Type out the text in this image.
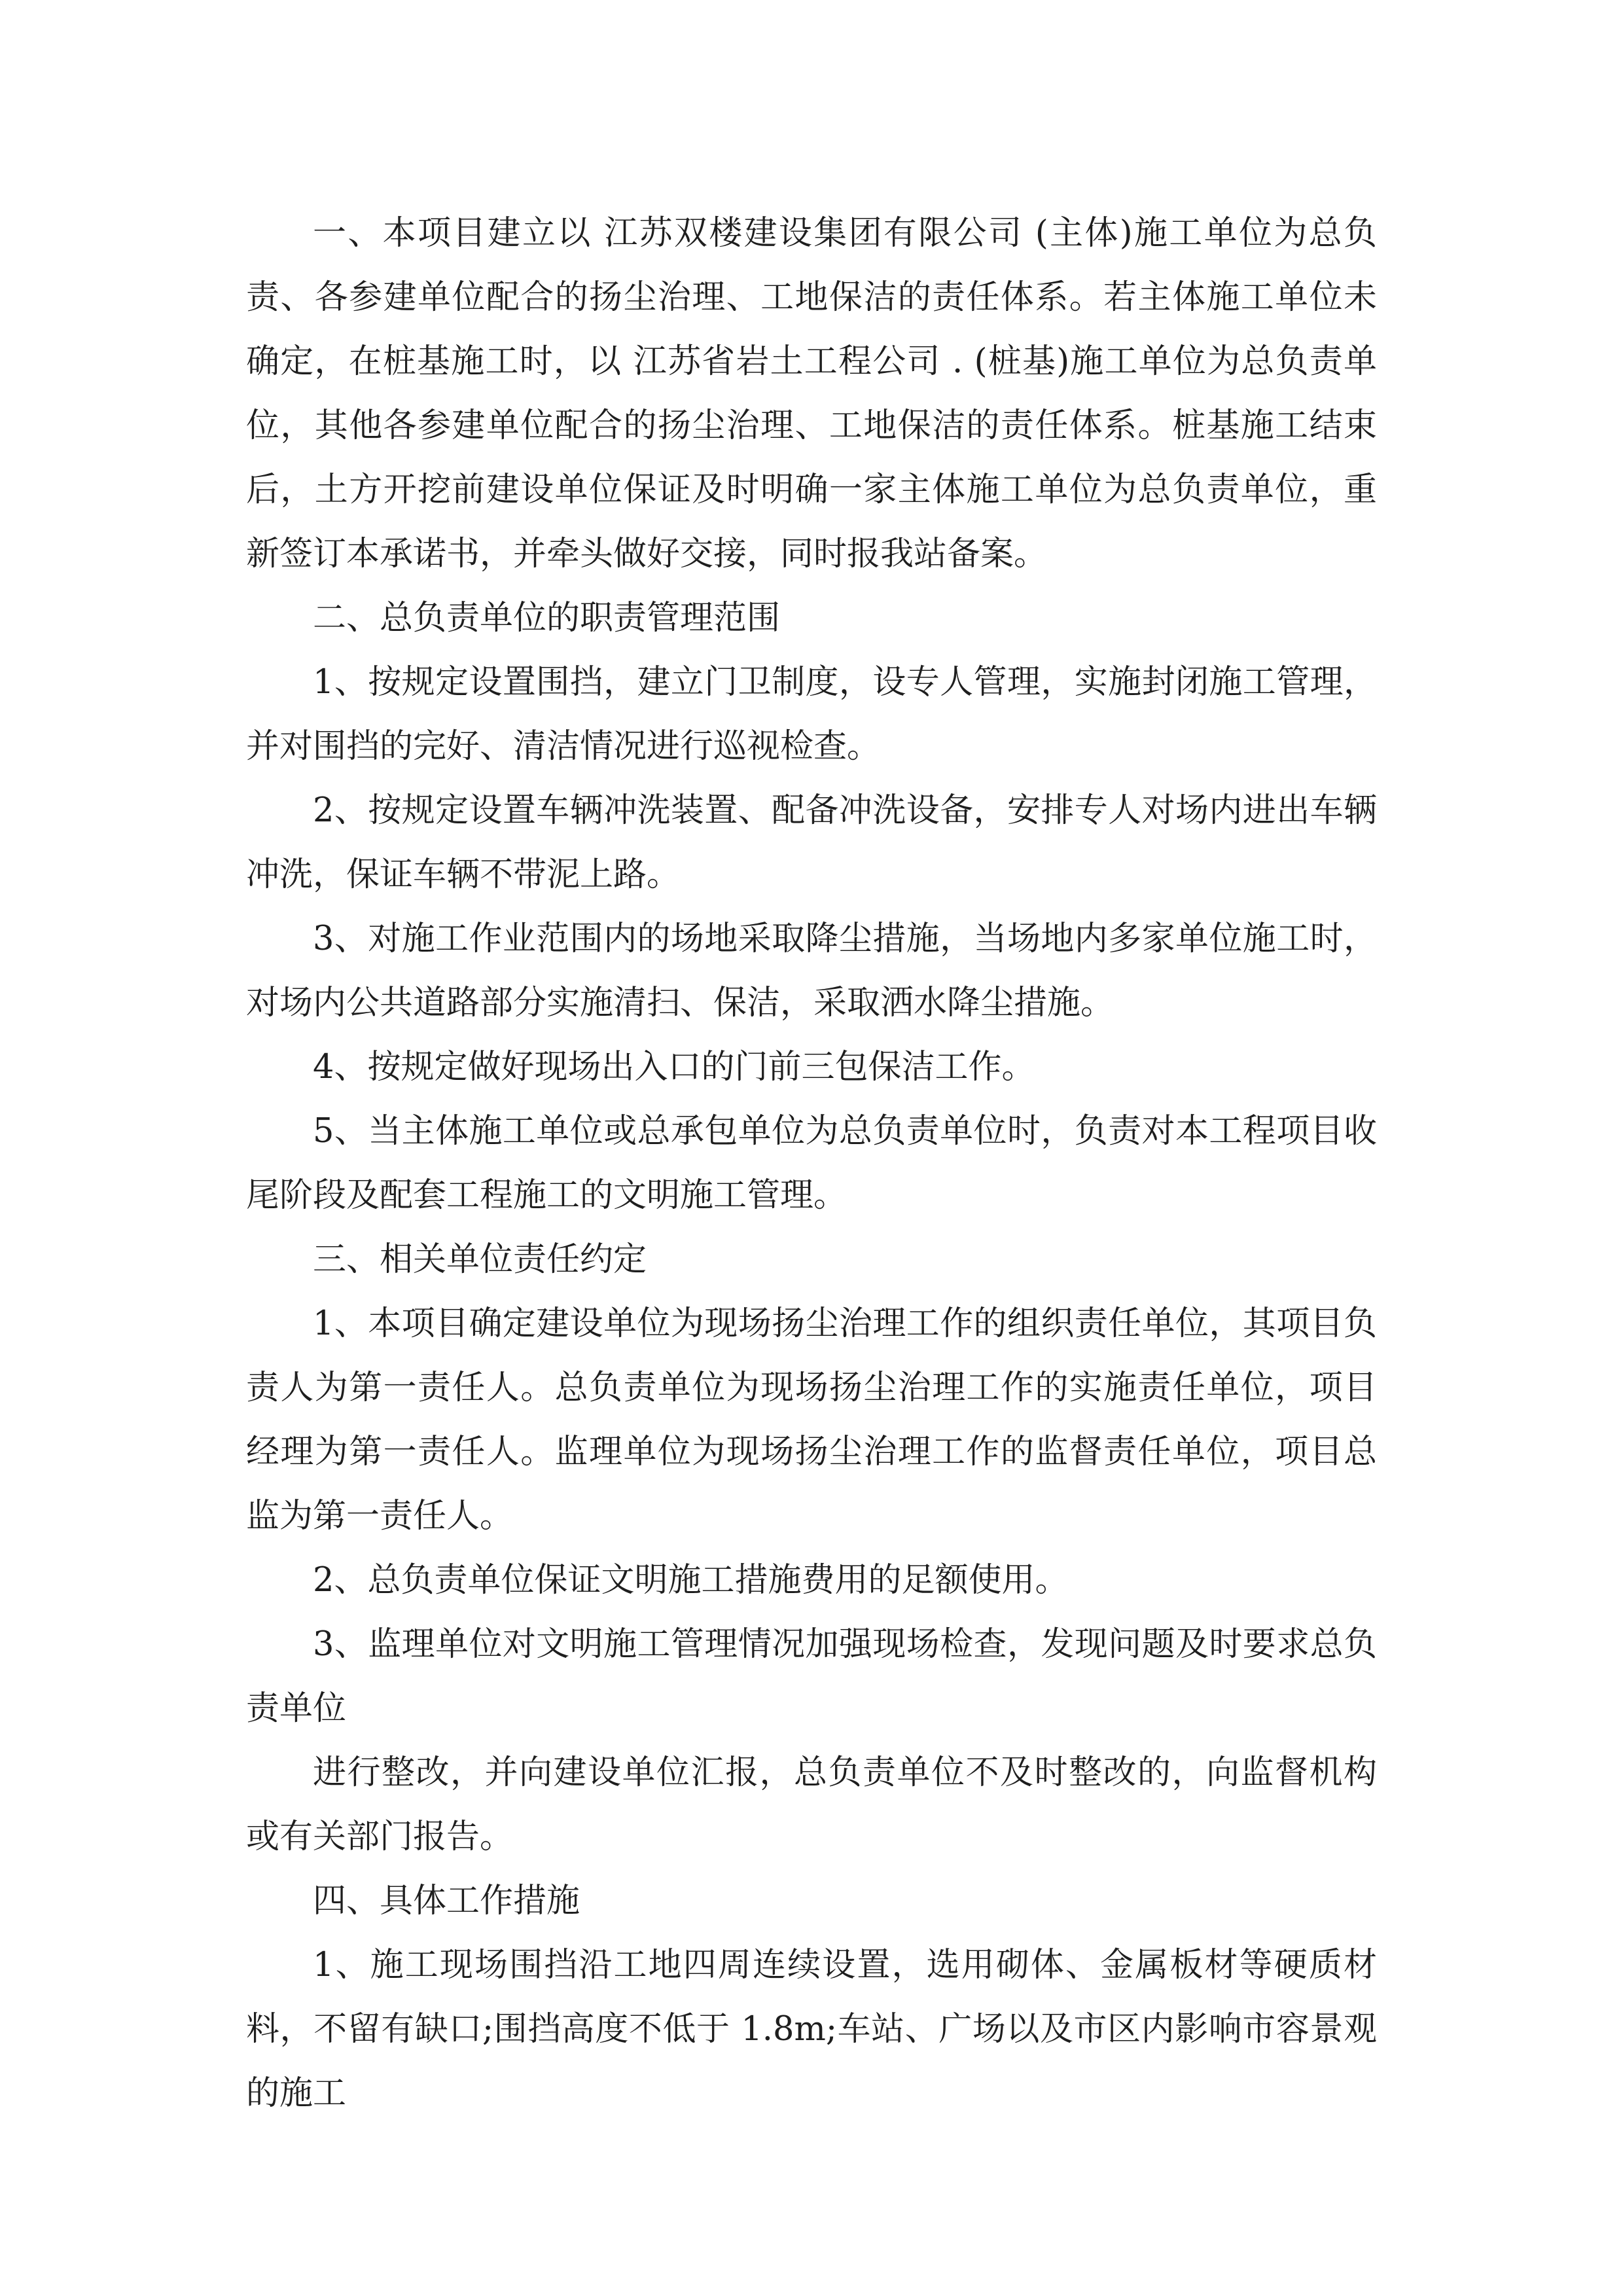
一、本项目建立以 江苏双楼建设集团有限公司 (主体)施工单位为总负责、各参建单位配合的扬尘治理、工地保洁的责任体系。若主体施工单位未确定，在桩基施工时，以 江苏省岩土工程公司 . (桩基)施工单位为总负责单位，其他各参建单位配合的扬尘治理、工地保洁的责任体系。桩基施工结束后，土方开挖前建设单位保证及时明确一家主体施工单位为总负责单位，重新签订本承诺书，并牵头做好交接，同时报我站备案。

二、总负责单位的职责管理范围

1、按规定设置围挡，建立门卫制度，设专人管理，实施封闭施工管理，并对围挡的完好、清洁情况进行巡视检查。

2、按规定设置车辆冲洗装置、配备冲洗设备，安排专人对场内进出车辆冲洗，保证车辆不带泥上路。

3、对施工作业范围内的场地采取降尘措施，当场地内多家单位施工时，对场内公共道路部分实施清扫、保洁，采取洒水降尘措施。

4、按规定做好现场出入口的门前三包保洁工作。

5、当主体施工单位或总承包单位为总负责单位时，负责对本工程项目收尾阶段及配套工程施工的文明施工管理。

三、相关单位责任约定

1、本项目确定建设单位为现场扬尘治理工作的组织责任单位，其项目负责人为第一责任人。总负责单位为现场扬尘治理工作的实施责任单位，项目经理为第一责任人。监理单位为现场扬尘治理工作的监督责任单位，项目总监为第一责任人。

2、总负责单位保证文明施工措施费用的足额使用。

3、监理单位对文明施工管理情况加强现场检查，发现问题及时要求总负责单位

进行整改，并向建设单位汇报，总负责单位不及时整改的，向监督机构或有关部门报告。

四、具体工作措施

1、施工现场围挡沿工地四周连续设置，选用砌体、金属板材等硬质材料，不留有缺口;围挡高度不低于 1.8m;车站、广场以及市区内影响市容景观的施工
